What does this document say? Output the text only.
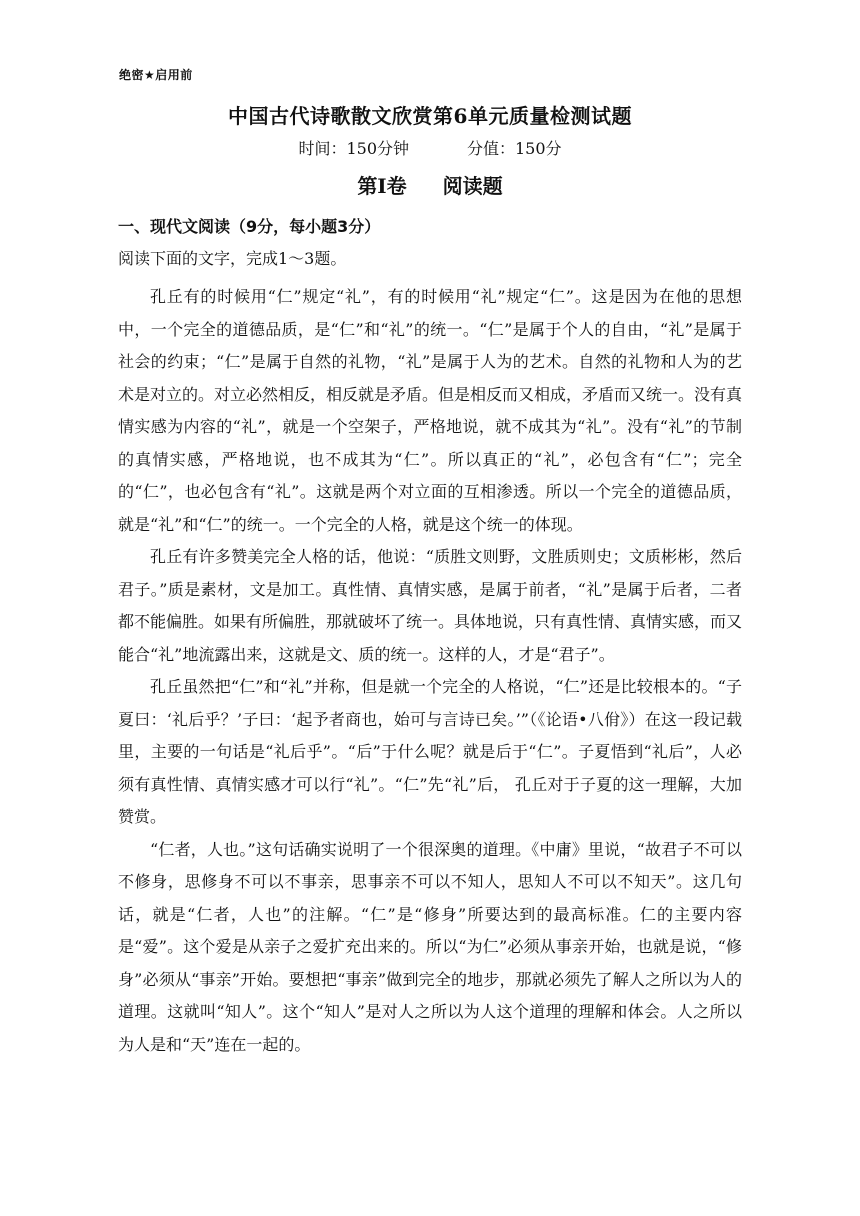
绝密★启用前
中国古代诗歌散文欣赏第6单元质量检测试题
时间：150分钟	分值：150分
第Ⅰ卷 阅读题
一、现代文阅读（9分，每小题3分）
阅读下面的文字，完成1～3题。

孔丘有的时候用“仁”规定“礼”，有的时候用“礼”规定“仁”。这是因为在他的思想中，一个完全的道德品质，是“仁”和“礼”的统一。“仁”是属于个人的自由，“礼”是属于社会的约束；“仁”是属于自然的礼物，“礼”是属于人为的艺术。自然的礼物和人为的艺术是对立的。对立必然相反，相反就是矛盾。但是相反而又相成，矛盾而又统一。没有真情实感为内容的“礼”，就是一个空架子，严格地说，就不成其为“礼”。没有“礼”的节制的真情实感，严格地说，也不成其为“仁”。所以真正的“礼”，必包含有“仁”；完全的“仁”，也必包含有“礼”。这就是两个对立面的互相渗透。所以一个完全的道德品质，就是“礼”和“仁”的统一。一个完全的人格，就是这个统一的体现。

孔丘有许多赞美完全人格的话，他说：“质胜文则野，文胜质则史；文质彬彬，然后君子。”质是素材，文是加工。真性情、真情实感，是属于前者，“礼”是属于后者，二者都不能偏胜。如果有所偏胜，那就破坏了统一。具体地说，只有真性情、真情实感，而又能合“礼”地流露出来，这就是文、质的统一。这样的人，才是“君子”。

孔丘虽然把“仁”和“礼”并称，但是就一个完全的人格说，“仁”还是比较根本的。“子夏曰：‘礼后乎？’子曰：‘起予者商也，始可与言诗已矣。’”（《论语•八佾》）在这一段记载里，主要的一句话是“礼后乎”。“后”于什么呢？就是后于“仁”。子夏悟到“礼后”，人必须有真性情、真情实感才可以行“礼”。“仁”先“礼”后， 孔丘对于子夏的这一理解，大加赞赏。

“仁者，人也。”这句话确实说明了一个很深奥的道理。《中庸》里说，“故君子不可以不修身，思修身不可以不事亲，思事亲不可以不知人，思知人不可以不知天”。这几句话，就是“仁者，人也”的注解。“仁”是“修身”所要达到的最高标准。仁的主要内容是“爱”。这个爱是从亲子之爱扩充出来的。所以“为仁”必须从事亲开始，也就是说，“修身”必须从“事亲”开始。要想把“事亲”做到完全的地步，那就必须先了解人之所以为人的道理。这就叫“知人”。这个“知人”是对人之所以为人这个道理的理解和体会。人之所以为人是和“天”连在一起的。
